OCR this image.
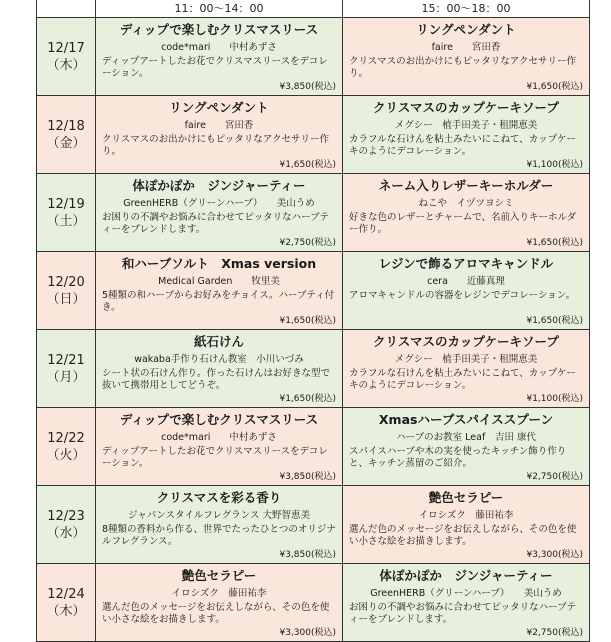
11：00～14：00	15：00～18：00
12/17
（木）
ディップで楽しむクリスマスリース
code*mari　　中村あずさ
ディップアートしたお花でクリスマスリースをデコレーション。
¥3,850(税込)
リングペンダント
faire　　宮田香
クリスマスのお出かけにもピッタリなアクセサリー作り。
¥1,650(税込)
12/18
（金）
リングペンダント
faire　　宮田香
クリスマスのお出かけにもピッタリなアクセサリー作り。
¥1,650(税込)
クリスマスのカップケーキソープ
メグシー　植手田美子・租開恵美
カラフルな石けんを粘土みたいにこねて、カップケーキのようにデコレーション。
¥1,100(税込)
12/19
（土）
体ぽかぽか　ジンジャーティー
GreenHERB（グリーンハーブ）　　美山うめ
お困りの不調やお悩みに合わせてピッタリなハーブティーをブレンドします。
¥2,750(税込)
ネーム入りレザーキーホルダー
ねこや　イヅツヨシミ
好きな色のレザーとチャームで、名前入りキーホルダー作り。
¥1,650(税込)
12/20
（日）
和ハーブソルト　Xmas version
Medical Garden　　牧里美
5種類の和ハーブからお好みをチョイス。ハーブティ付き。
¥1,650(税込)
レジンで飾るアロマキャンドル
cera　　近藤真理
アロマキャンドルの容器をレジンでデコレーション。
¥1,650(税込)
12/21
（月）
紙石けん
wakaba手作り石けん教室　小川いづみ
シート状の石けん作り。作った石けんはお好きな型で抜いて携帯用としてどうぞ。
¥1,650(税込)
クリスマスのカップケーキソープ
メグシー　植手田美子・租開恵美
カラフルな石けんを粘土みたいにこねて、カップケーキのようにデコレーション。
¥1,100(税込)
12/22
（火）
ディップで楽しむクリスマスリース
code*mari　　中村あずさ
ディップアートしたお花でクリスマスリースをデコレーション。
¥3,850(税込)
Xmasハーブスパイススプーン
ハーブのお教室 Leaf　吉田 康代
スパイスハーブや木の実を使ったキッチン飾り作りと、キッチン蒸留のご紹介。
¥2,750(税込)
12/23
（水）
クリスマスを彩る香り
ジャパンスタイルフレグランス 大野智恵美
8種類の香料から作る、世界でたったひとつのオリジナルフレグランス。
¥3,850(税込)
艶色セラピー
イロシズク　藤田祐李
選んだ色のメッセージをお伝えしながら、その色を使い小さな絵をお描きします。
¥3,300(税込)
12/24
（木）
艶色セラピー
イロシズク　藤田祐李
選んだ色のメッセージをお伝えしながら、その色を使い小さな絵をお描きします。
¥3,300(税込)
体ぽかぽか　ジンジャーティー
GreenHERB（グリーンハーブ）　　美山うめ
お困りの不調やお悩みに合わせてピッタリなハーブティーをブレンドします。
¥2,750(税込)
